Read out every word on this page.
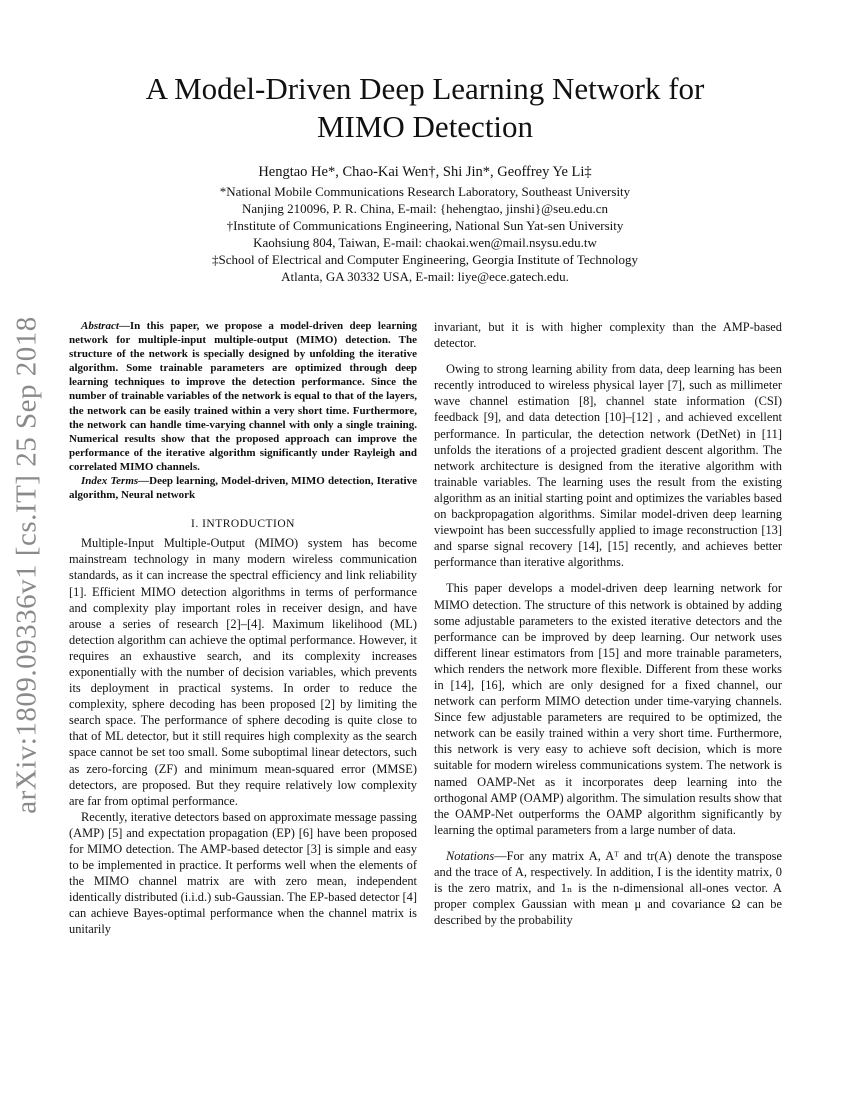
arXiv:1809.09336v1 [cs.IT] 25 Sep 2018
A Model-Driven Deep Learning Network for
MIMO Detection
Hengtao He*, Chao-Kai Wen†, Shi Jin*, Geoffrey Ye Li‡
*National Mobile Communications Research Laboratory, Southeast University
Nanjing 210096, P. R. China, E-mail: {hehengtao, jinshi}@seu.edu.cn
†Institute of Communications Engineering, National Sun Yat-sen University
Kaohsiung 804, Taiwan, E-mail: chaokai.wen@mail.nsysu.edu.tw
‡School of Electrical and Computer Engineering, Georgia Institute of Technology
Atlanta, GA 30332 USA, E-mail: liye@ece.gatech.edu.

Abstract—In this paper, we propose a model-driven deep learning network for multiple-input multiple-output (MIMO) detection. The structure of the network is specially designed by unfolding the iterative algorithm. Some trainable parameters are optimized through deep learning techniques to improve the detection performance. Since the number of trainable variables of the network is equal to that of the layers, the network can be easily trained within a very short time. Furthermore, the network can handle time-varying channel with only a single training. Numerical results show that the proposed approach can improve the performance of the iterative algorithm significantly under Rayleigh and correlated MIMO channels.

Index Terms—Deep learning, Model-driven, MIMO detection, Iterative algorithm, Neural network

I. INTRODUCTION

Multiple-Input Multiple-Output (MIMO) system has become mainstream technology in many modern wireless communication standards, as it can increase the spectral efficiency and link reliability [1]. Efficient MIMO detection algorithms in terms of performance and complexity play important roles in receiver design, and have arouse a series of research [2]–[4]. Maximum likelihood (ML) detection algorithm can achieve the optimal performance. However, it requires an exhaustive search, and its complexity increases exponentially with the number of decision variables, which prevents its deployment in practical systems. In order to reduce the complexity, sphere decoding has been proposed [2] by limiting the search space. The performance of sphere decoding is quite close to that of ML detector, but it still requires high complexity as the search space cannot be set too small. Some suboptimal linear detectors, such as zero-forcing (ZF) and minimum mean-squared error (MMSE) detectors, are proposed. But they require relatively low complexity are far from optimal performance.

Recently, iterative detectors based on approximate message passing (AMP) [5] and expectation propagation (EP) [6] have been proposed for MIMO detection. The AMP-based detector [3] is simple and easy to be implemented in practice. It performs well when the elements of the MIMO channel matrix are with zero mean, independent identically distributed (i.i.d.) sub-Gaussian. The EP-based detector [4] can achieve Bayes-optimal performance when the channel matrix is unitarily

invariant, but it is with higher complexity than the AMP-based detector.

Owing to strong learning ability from data, deep learning has been recently introduced to wireless physical layer [7], such as millimeter wave channel estimation [8], channel state information (CSI) feedback [9], and data detection [10]–[12] , and achieved excellent performance. In particular, the detection network (DetNet) in [11] unfolds the iterations of a projected gradient descent algorithm. The network architecture is designed from the iterative algorithm with trainable variables. The learning uses the result from the existing algorithm as an initial starting point and optimizes the variables based on backpropagation algorithms. Similar model-driven deep learning viewpoint has been successfully applied to image reconstruction [13] and sparse signal recovery [14], [15] recently, and achieves better performance than iterative algorithms.

This paper develops a model-driven deep learning network for MIMO detection. The structure of this network is obtained by adding some adjustable parameters to the existed iterative detectors and the performance can be improved by deep learning. Our network uses different linear estimators from [15] and more trainable parameters, which renders the network more flexible. Different from these works in [14], [16], which are only designed for a fixed channel, our network can perform MIMO detection under time-varying channels. Since few adjustable parameters are required to be optimized, the network can be easily trained within a very short time. Furthermore, this network is very easy to achieve soft decision, which is more suitable for modern wireless communications system. The network is named OAMP-Net as it incorporates deep learning into the orthogonal AMP (OAMP) algorithm. The simulation results show that the OAMP-Net outperforms the OAMP algorithm significantly by learning the optimal parameters from a large number of data.

Notations—For any matrix A, Aᵀ and tr(A) denote the transpose and the trace of A, respectively. In addition, I is the identity matrix, 0 is the zero matrix, and 1ₙ is the n-dimensional all-ones vector. A proper complex Gaussian with mean μ and covariance Ω can be described by the probability
